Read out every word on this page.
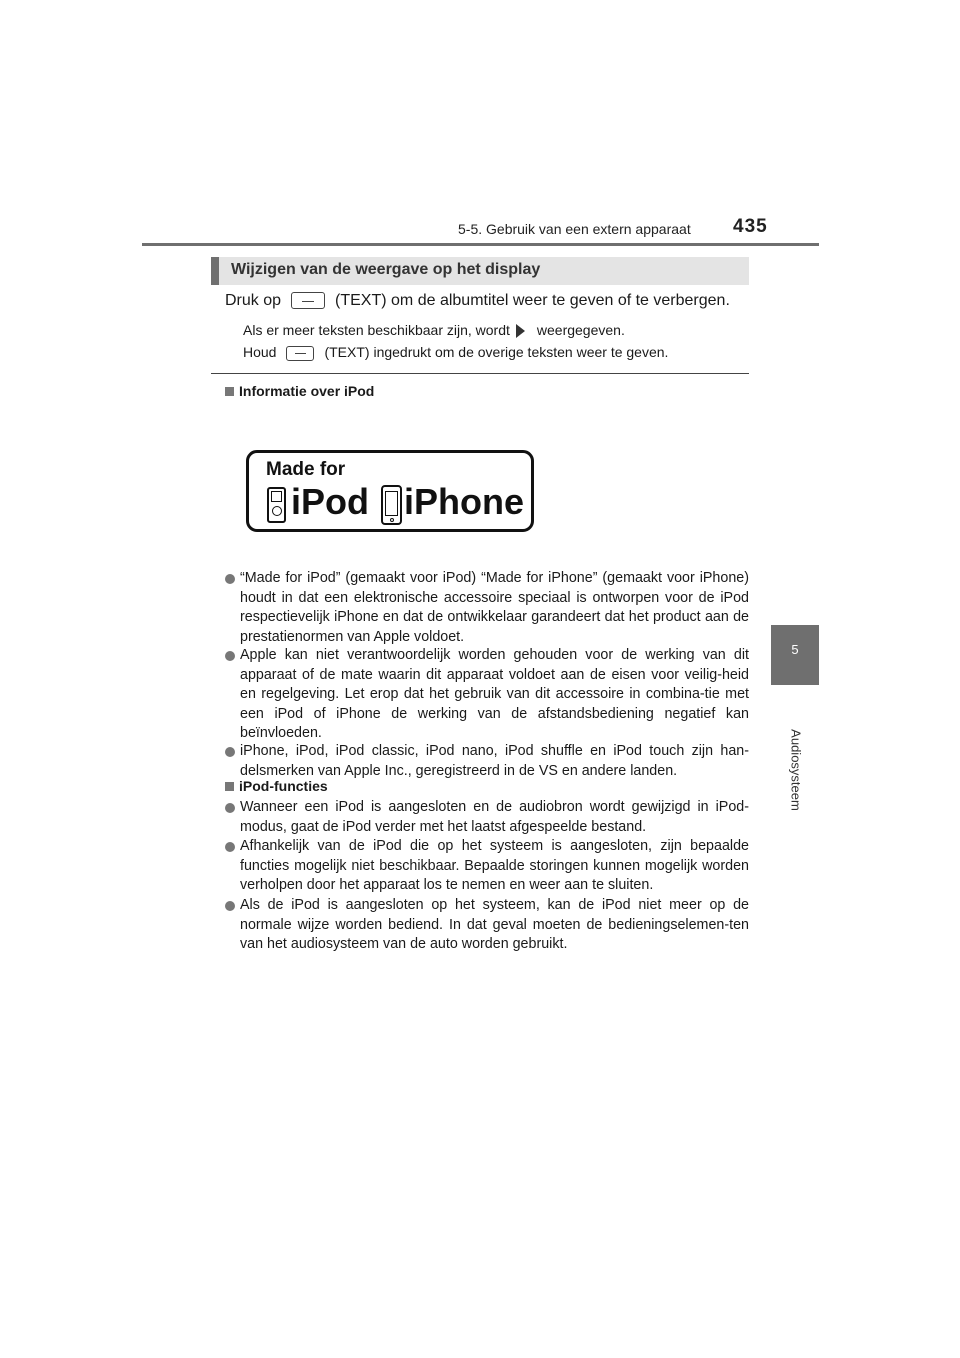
5-5. Gebruik van een extern apparaat 435
5
Audiosysteem
Wijzigen van de weergave op het display
Druk op	(TEXT) om de albumtitel weer te geven of te verbergen.
Als er meer teksten beschikbaar zijn, wordt weergegeven.
Houd	(TEXT) ingedrukt om de overige teksten weer te geven.
Informatie over iPod
Made for
iPod iPhone

“Made for iPod” (gemaakt voor iPod) “Made for iPhone” (gemaakt voor iPhone) houdt in dat een elektronische accessoire speciaal is ontworpen voor de iPod respectievelijk iPhone en dat de ontwikkelaar garandeert dat het product aan de prestatienormen van Apple voldoet.

Apple kan niet verantwoordelijk worden gehouden voor de werking van dit apparaat of de mate waarin dit apparaat voldoet aan de eisen voor veilig-heid en regelgeving. Let erop dat het gebruik van dit accessoire in combina-tie met een iPod of iPhone de werking van de afstandsbediening negatief kan beïnvloeden.

iPhone, iPod, iPod classic, iPod nano, iPod shuffle en iPod touch zijn han-delsmerken van Apple Inc., geregistreerd in de VS en andere landen.

iPod-functies

Wanneer een iPod is aangesloten en de audiobron wordt gewijzigd in iPod-modus, gaat de iPod verder met het laatst afgespeelde bestand.

Afhankelijk van de iPod die op het systeem is aangesloten, zijn bepaalde functies mogelijk niet beschikbaar. Bepaalde storingen kunnen mogelijk worden verholpen door het apparaat los te nemen en weer aan te sluiten.

Als de iPod is aangesloten op het systeem, kan de iPod niet meer op de normale wijze worden bediend. In dat geval moeten de bedieningselemen-ten van het audiosysteem van de auto worden gebruikt.
